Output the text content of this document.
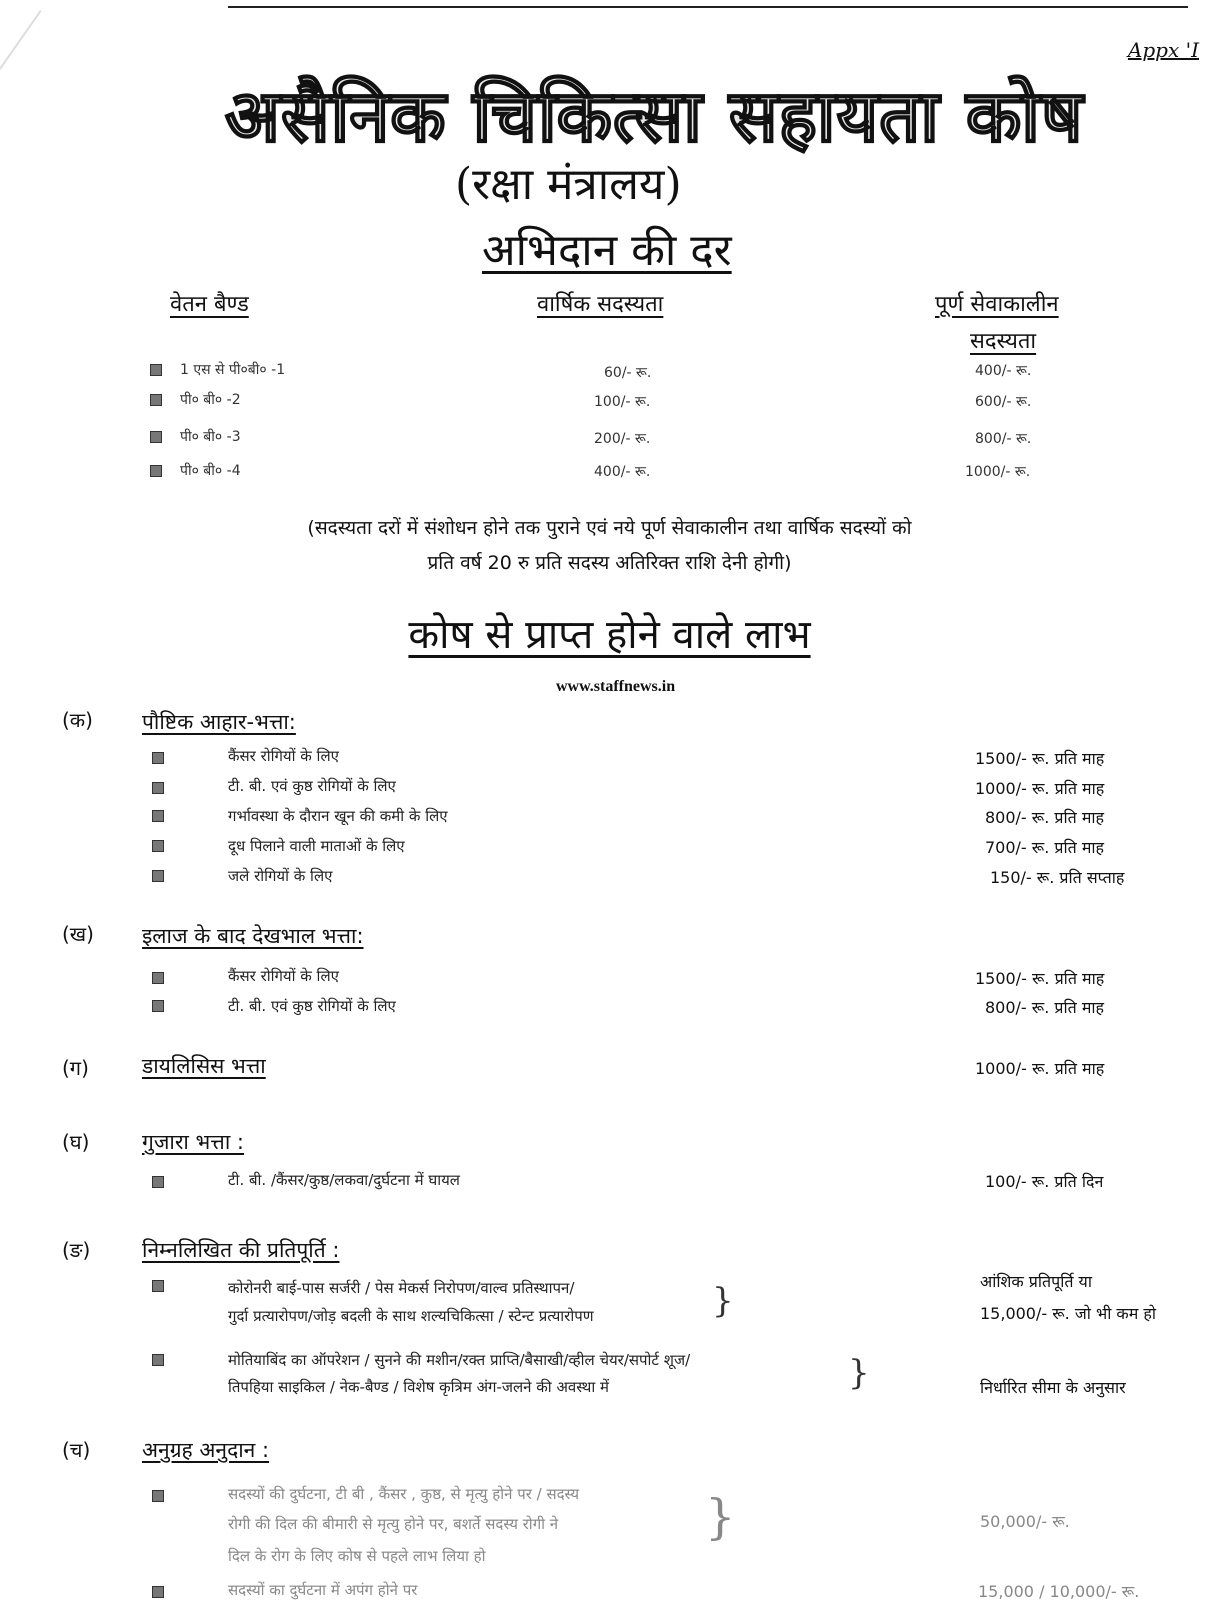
Appx 'I
असैनिक चिकित्सा सहायता कोष
(रक्षा मंत्रालय)
अभिदान की दर
वेतन बैण्ड	वार्षिक सदस्यता	पूर्ण सेवाकालीन
सदस्यता
1 एस से पी०बी० -1	60/- रू.	400/- रू.
पी० बी० -2	100/- रू.	600/- रू.
पी० बी० -3	200/- रू.	800/- रू.
पी० बी० -4	400/- रू.	1000/- रू.
(सदस्यता दरों में संशोधन होने तक पुराने एवं नये पूर्ण सेवाकालीन तथा वार्षिक सदस्यों को
प्रति वर्ष 20 रु प्रति सदस्य अतिरिक्त राशि देनी होगी)
कोष से प्राप्त होने वाले लाभ
www.staffnews.in
(क) पौष्टिक आहार-भत्ता:
कैंसर रोगियों के लिए	1500/- रू. प्रति माह
टी. बी. एवं कुष्ठ रोगियों के लिए	1000/- रू. प्रति माह
गर्भावस्था के दौरान खून की कमी के लिए	800/- रू. प्रति माह
दूध पिलाने वाली माताओं के लिए	700/- रू. प्रति माह
जले रोगियों के लिए	150/- रू. प्रति सप्ताह
(ख) इलाज के बाद देखभाल भत्ता:
कैंसर रोगियों के लिए	1500/- रू. प्रति माह
टी. बी. एवं कुष्ठ रोगियों के लिए	800/- रू. प्रति माह
(ग)	डायलिसिस भत्ता	1000/- रू. प्रति माह
(घ)	गुजारा भत्ता :
टी. बी. /कैंसर/कुष्ठ/लकवा/दुर्घटना में घायल	100/- रू. प्रति दिन
(ङ) निम्नलिखित की प्रतिपूर्ति :
कोरोनरी बाई-पास सर्जरी / पेस मेकर्स निरोपण/वाल्व प्रतिस्थापन/
गुर्दा प्रत्यारोपण/जोड़ बदली के साथ शल्यचिकित्सा / स्टेन्ट प्रत्यारोपण	}	आंशिक प्रतिपूर्ति या
15,000/- रू. जो भी कम हो
मोतियाबिंद का ऑपरेशन / सुनने की मशीन/रक्त प्राप्ति/बैसाखी/व्हील चेयर/सपोर्ट शूज/
तिपहिया साइकिल / नेक-बैण्ड / विशेष कृत्रिम अंग-जलने की अवस्था में	}	निर्धारित सीमा के अनुसार
(च) अनुग्रह अनुदान :
सदस्यों की दुर्घटना, टी बी , कैंसर , कुष्ठ, से मृत्यु होने पर / सदस्य
रोगी की दिल की बीमारी से मृत्यु होने पर, बशर्ते सदस्य रोगी ने
दिल के रोग के लिए कोष से पहले लाभ लिया हो
}	50,000/- रू.
सदस्यों का दुर्घटना में अपंग होने पर	15,000 / 10,000/- रू.
